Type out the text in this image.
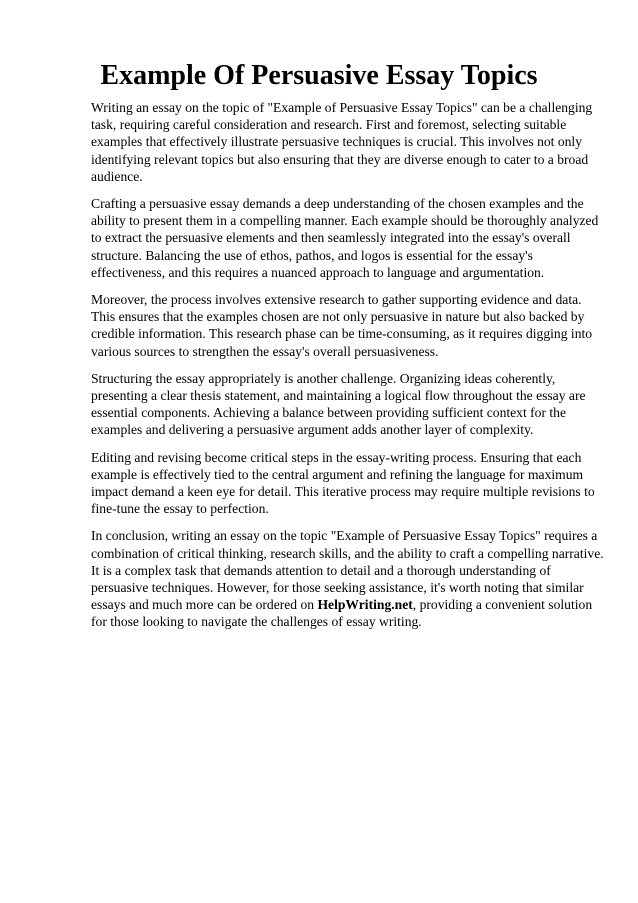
Example Of Persuasive Essay Topics

Writing an essay on the topic of "Example of Persuasive Essay Topics" can be a challenging task, requiring careful consideration and research. First and foremost, selecting suitable examples that effectively illustrate persuasive techniques is crucial. This involves not only identifying relevant topics but also ensuring that they are diverse enough to cater to a broad audience.

Crafting a persuasive essay demands a deep understanding of the chosen examples and the ability to present them in a compelling manner. Each example should be thoroughly analyzed to extract the persuasive elements and then seamlessly integrated into the essay's overall structure. Balancing the use of ethos, pathos, and logos is essential for the essay's effectiveness, and this requires a nuanced approach to language and argumentation.

Moreover, the process involves extensive research to gather supporting evidence and data. This ensures that the examples chosen are not only persuasive in nature but also backed by credible information. This research phase can be time-consuming, as it requires digging into various sources to strengthen the essay's overall persuasiveness.

Structuring the essay appropriately is another challenge. Organizing ideas coherently, presenting a clear thesis statement, and maintaining a logical flow throughout the essay are essential components. Achieving a balance between providing sufficient context for the examples and delivering a persuasive argument adds another layer of complexity.

Editing and revising become critical steps in the essay-writing process. Ensuring that each example is effectively tied to the central argument and refining the language for maximum impact demand a keen eye for detail. This iterative process may require multiple revisions to fine-tune the essay to perfection.

In conclusion, writing an essay on the topic "Example of Persuasive Essay Topics" requires a combination of critical thinking, research skills, and the ability to craft a compelling narrative. It is a complex task that demands attention to detail and a thorough understanding of persuasive techniques. However, for those seeking assistance, it's worth noting that similar essays and much more can be ordered on HelpWriting.net, providing a convenient solution for those looking to navigate the challenges of essay writing.
